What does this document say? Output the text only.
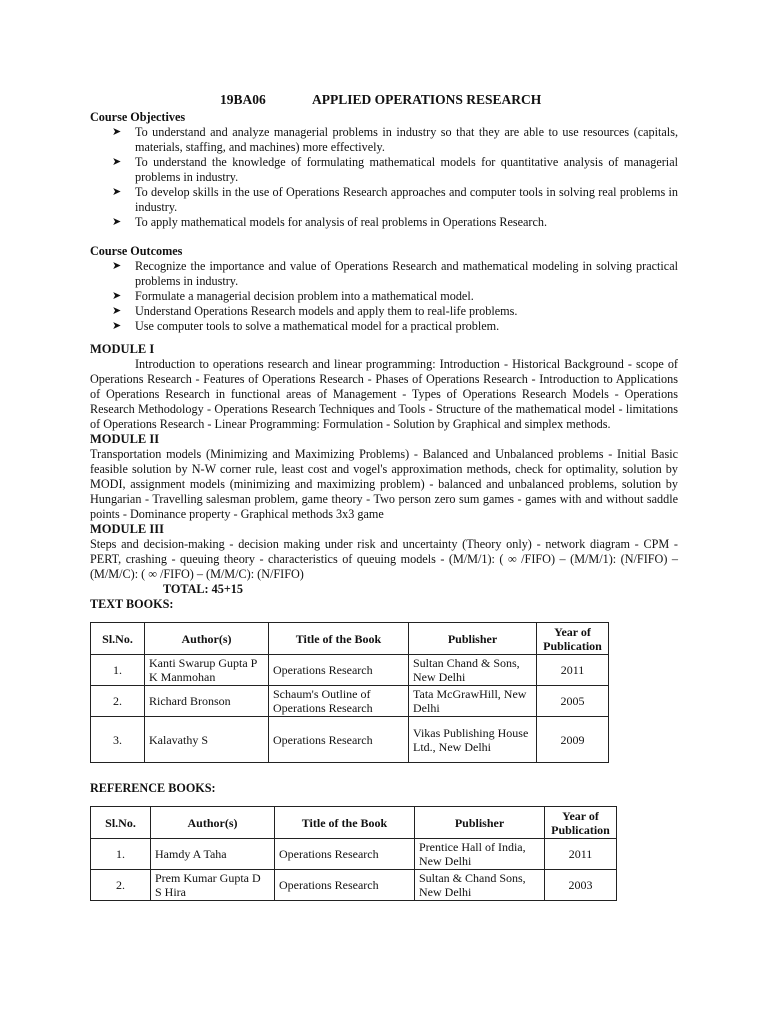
19BA06	APPLIED OPERATIONS RESEARCH
Course Objectives
➤ To understand and analyze managerial problems in industry so that they are able to use resources (capitals, materials, staffing, and machines) more effectively.
➤ To understand the knowledge of formulating mathematical models for quantitative analysis of managerial problems in industry.
➤ To develop skills in the use of Operations Research approaches and computer tools in solving real problems in industry.
➤ To apply mathematical models for analysis of real problems in Operations Research.
Course Outcomes
➤ Recognize the importance and value of Operations Research and mathematical modeling in solving practical problems in industry.
➤ Formulate a managerial decision problem into a mathematical model.
➤ Understand Operations Research models and apply them to real-life problems.
➤ Use computer tools to solve a mathematical model for a practical problem.
MODULE I

Introduction to operations research and linear programming: Introduction - Historical Background - scope of Operations Research - Features of Operations Research - Phases of Operations Research - Introduction to Applications of Operations Research in functional areas of Management - Types of Operations Research Models - Operations Research Methodology - Operations Research Techniques and Tools - Structure of the mathematical model - limitations of Operations Research - Linear Programming: Formulation - Solution by Graphical and simplex methods.

MODULE II

Transportation models (Minimizing and Maximizing Problems) - Balanced and Unbalanced problems - Initial Basic feasible solution by N-W corner rule, least cost and vogel's approximation methods, check for optimality, solution by MODI, assignment models (minimizing and maximizing problem) - balanced and unbalanced problems, solution by Hungarian - Travelling salesman problem, game theory - Two person zero sum games - games with and without saddle points - Dominance property - Graphical methods 3x3 game

MODULE III

Steps and decision-making - decision making under risk and uncertainty (Theory only) - network diagram - CPM - PERT, crashing - queuing theory - characteristics of queuing models - (M/M/1): ( ∞ /FIFO) – (M/M/1): (N/FIFO) – (M/M/C): ( ∞ /FIFO) – (M/M/C): (N/FIFO)

TOTAL: 45+15
TEXT BOOKS:
Sl.No.	Author(s)	Title of the Book	Publisher	Year of Publication
1.	Kanti Swarup Gupta P K Manmohan	Operations Research	Sultan Chand & Sons, New Delhi	2011
2.	Richard Bronson	Schaum's Outline of Operations Research	Tata McGrawHill, New Delhi	2005
3.	Kalavathy S	Operations Research	Vikas Publishing House Ltd., New Delhi	2009
REFERENCE BOOKS:
Sl.No.	Author(s)	Title of the Book	Publisher	Year of Publication
1.	Hamdy A Taha	Operations Research	Prentice Hall of India, New Delhi	2011
2.	Prem Kumar Gupta D S Hira	Operations Research	Sultan & Chand Sons, New Delhi	2003
